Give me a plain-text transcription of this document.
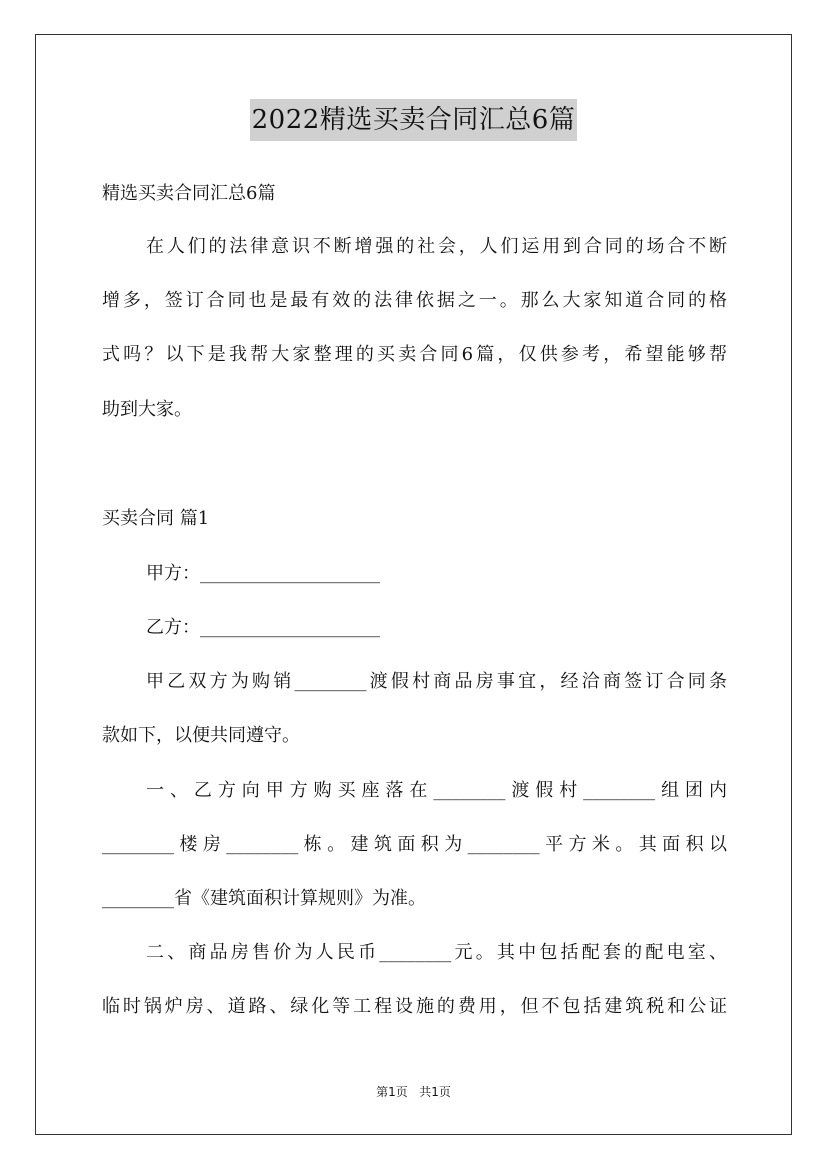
2022精选买卖合同汇总6篇
精选买卖合同汇总6篇
在人们的法律意识不断增强的社会，人们运用到合同的场合不断
增多，签订合同也是最有效的法律依据之一。那么大家知道合同的格
式吗？以下是我帮大家整理的买卖合同6篇，仅供参考，希望能够帮
助到大家。
买卖合同 篇1
甲方：____________________
乙方：____________________
甲乙双方为购销________渡假村商品房事宜，经洽商签订合同条
款如下，以便共同遵守。
一、乙方向甲方购买座落在________渡假村________组团内
________楼房________栋。建筑面积为________平方米。其面积以
________省《建筑面积计算规则》为准。
二、商品房售价为人民币________元。其中包括配套的配电室、
临时锅炉房、道路、绿化等工程设施的费用，但不包括建筑税和公证
第1页 共1页
